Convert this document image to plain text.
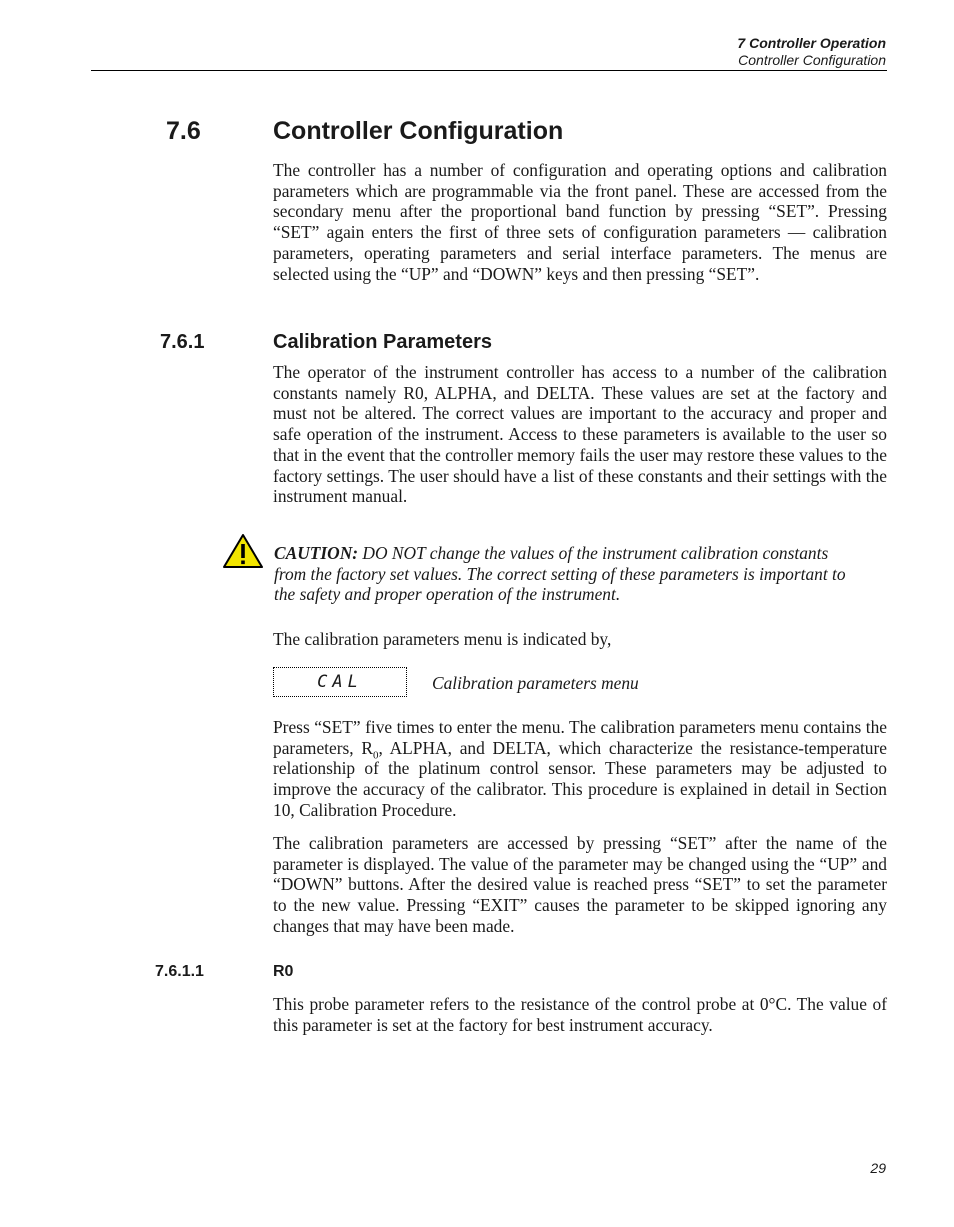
7 Controller Operation
Controller Configuration
7.6	Controller Configuration
The controller has a number of configuration and operating options and calibration parameters which are programmable via the front panel. These are accessed from the secondary menu after the proportional band function by pressing “SET”. Pressing “SET” again enters the first of three sets of configuration parameters — calibration parameters, operating parameters and serial interface parameters. The menus are selected using the “UP” and “DOWN” keys and then pressing “SET”.
7.6.1	Calibration Parameters
The operator of the instrument controller has access to a number of the calibration constants namely R0, ALPHA, and DELTA. These values are set at the factory and must not be altered. The correct values are important to the accuracy and proper and safe operation of the instrument. Access to these parameters is available to the user so that in the event that the controller memory fails the user may restore these values to the factory settings. The user should have a list of these constants and their settings with the instrument manual.
CAUTION: DO NOT change the values of the instrument calibration constants from the factory set values. The correct setting of these parameters is important to the safety and proper operation of the instrument.
The calibration parameters menu is indicated by,
CAL	Calibration parameters menu
Press “SET” five times to enter the menu. The calibration parameters menu contains the parameters, $R_0$, ALPHA, and DELTA, which characterize the resistance-temperature relationship of the platinum control sensor. These parameters may be adjusted to improve the accuracy of the calibrator. This procedure is explained in detail in Section 10, Calibration Procedure.
The calibration parameters are accessed by pressing “SET” after the name of the parameter is displayed. The value of the parameter may be changed using the “UP” and “DOWN” buttons. After the desired value is reached press “SET” to set the parameter to the new value. Pressing “EXIT” causes the parameter to be skipped ignoring any changes that may have been made.
7.6.1.1	R0
This probe parameter refers to the resistance of the control probe at 0°C. The value of this parameter is set at the factory for best instrument accuracy.
29
